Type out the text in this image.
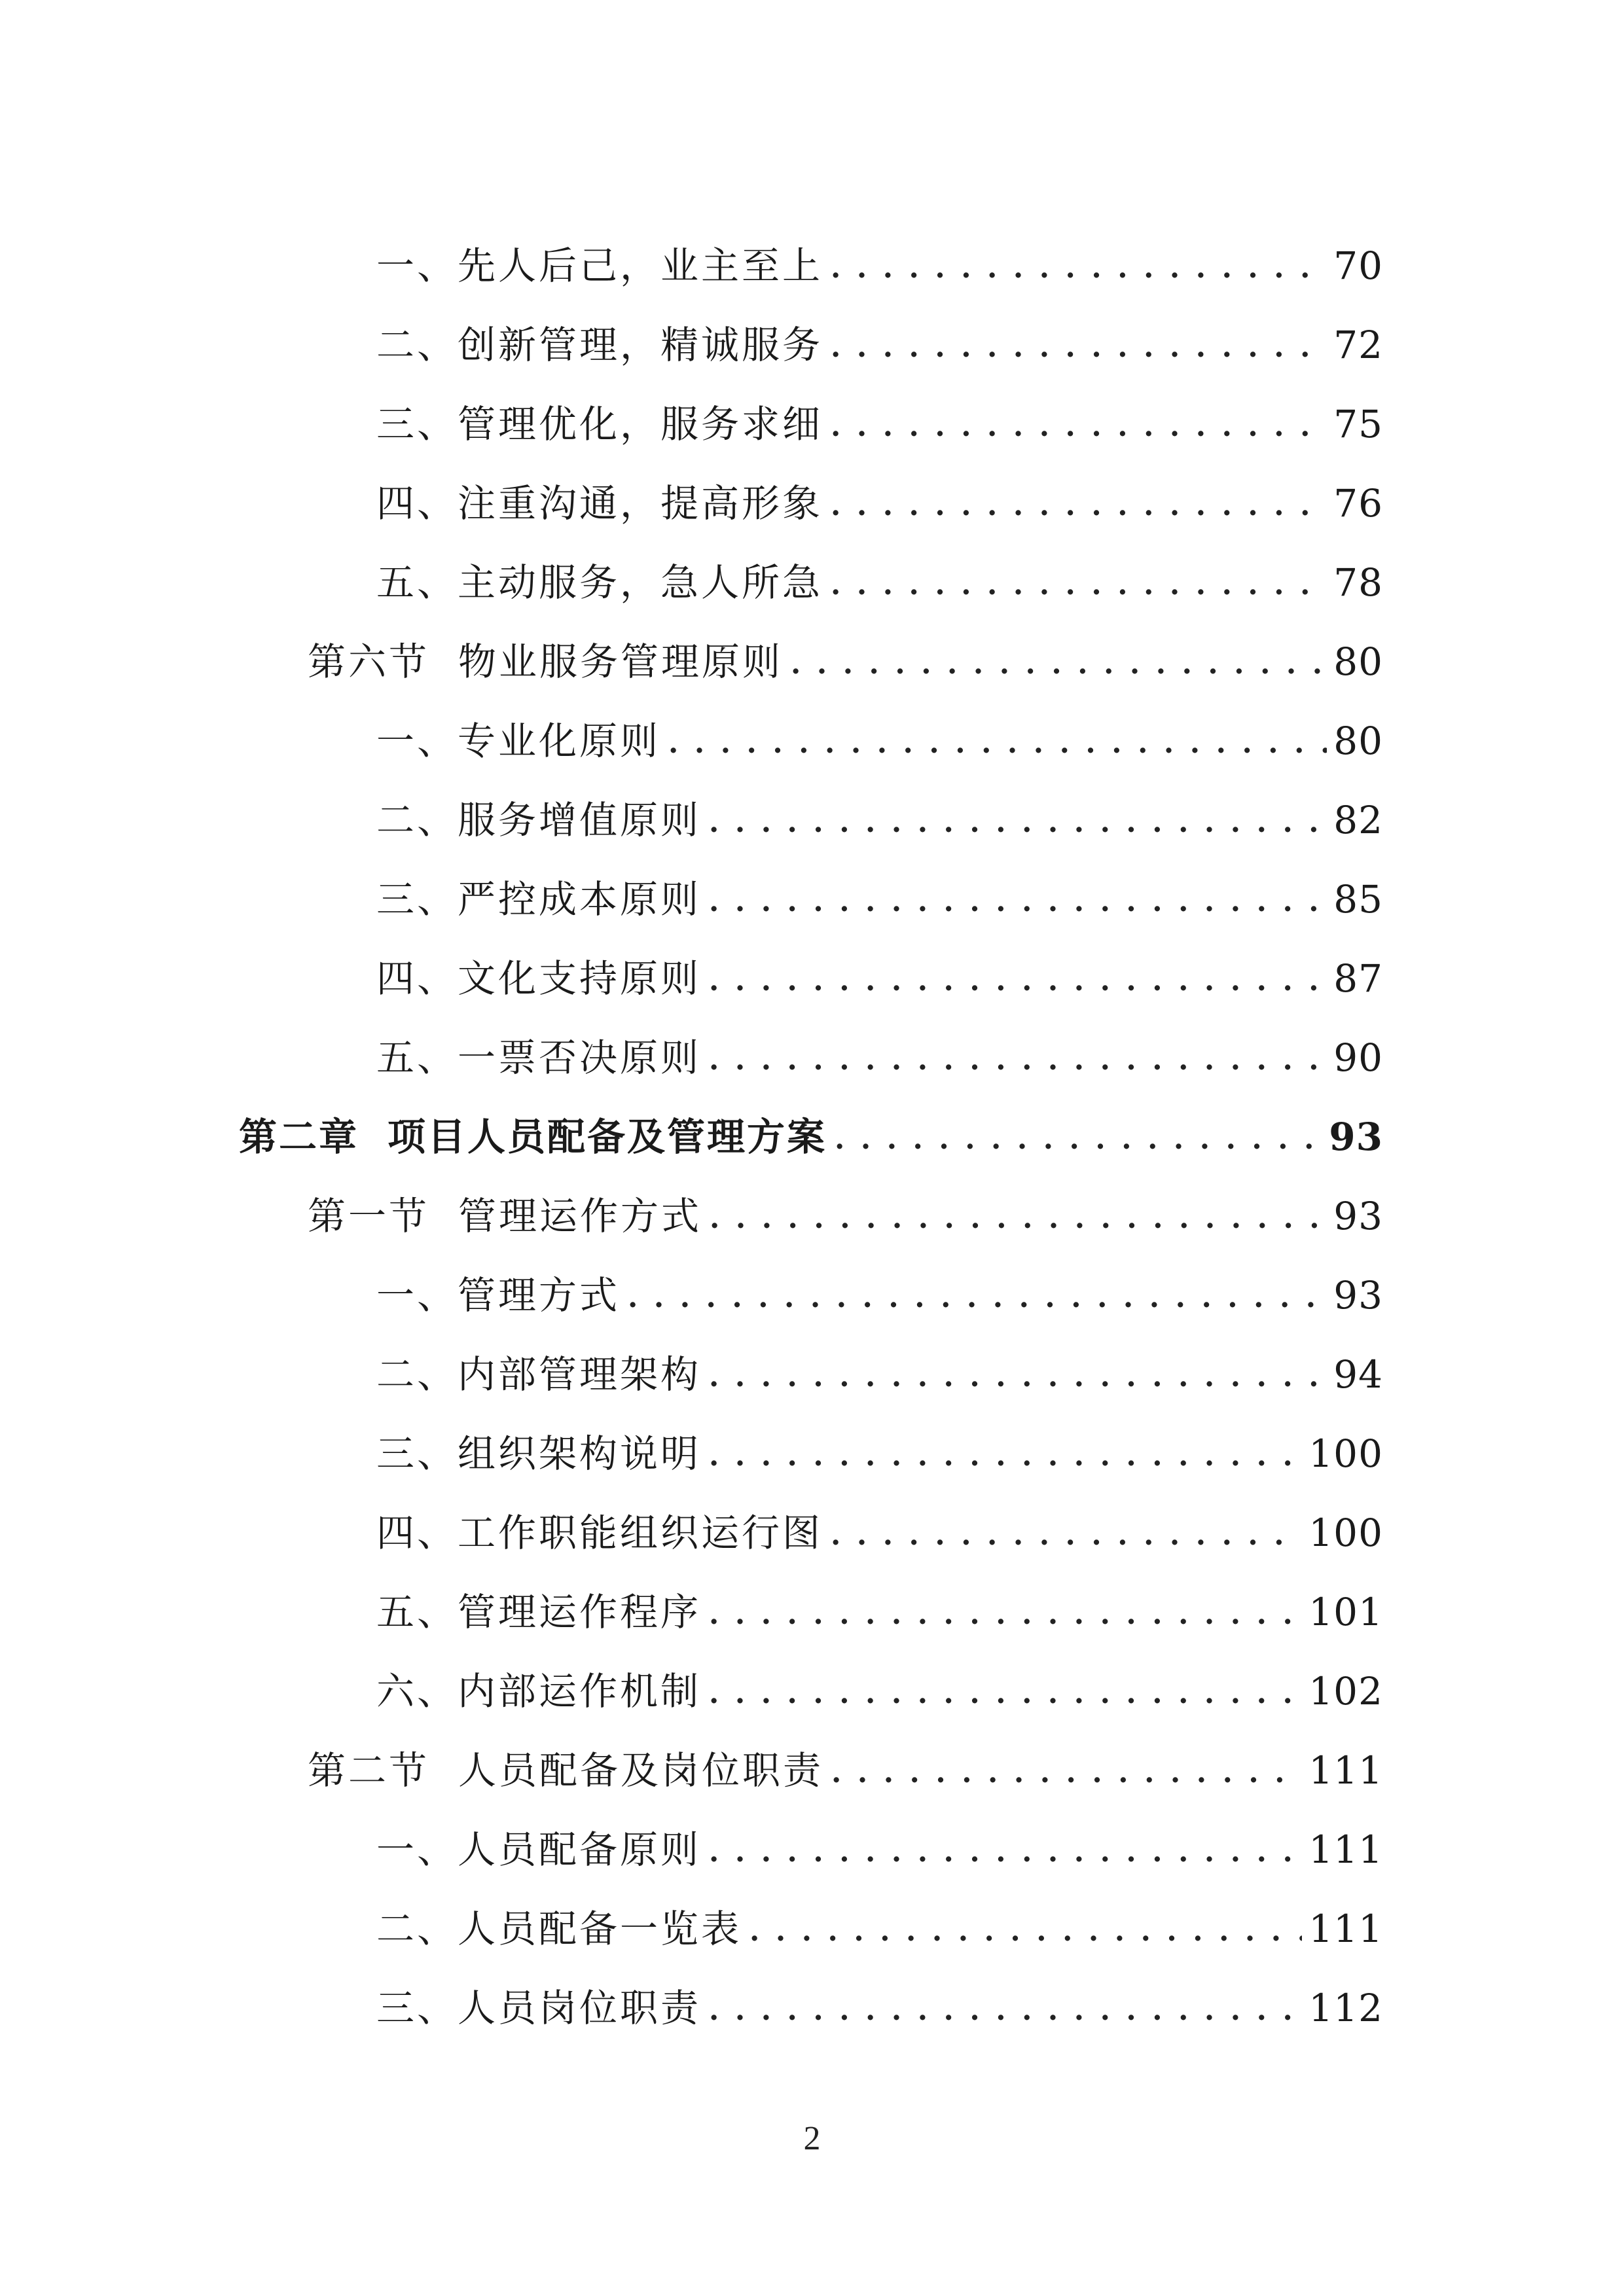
一、先人后己，业主至上 . . .	70
二、创新管理，精诚服务 . . .	72
三、管理优化，服务求细 . . .	75
四、注重沟通，提高形象 . . .	76
五、主动服务，急人所急 . . .	78
第六节 物业服务管理原则 . . .	80
一、专业化原则 . . .	80
二、服务增值原则 . . .	82
三、严控成本原则 . . .	85
四、文化支持原则 . . .	87
五、一票否决原则 . . .	90
第二章 项目人员配备及管理方案 . . .	93
第一节 管理运作方式 . . .	93
一、管理方式 . . .	93
二、内部管理架构 . . .	94
三、组织架构说明 . . .	100
四、工作职能组织运行图 . . .	100
五、管理运作程序 . . .	101
六、内部运作机制 . . .	102
第二节 人员配备及岗位职责 . . .	111
一、人员配备原则 . . .	111
二、人员配备一览表 . . .	111
三、人员岗位职责 . . .	112
2
